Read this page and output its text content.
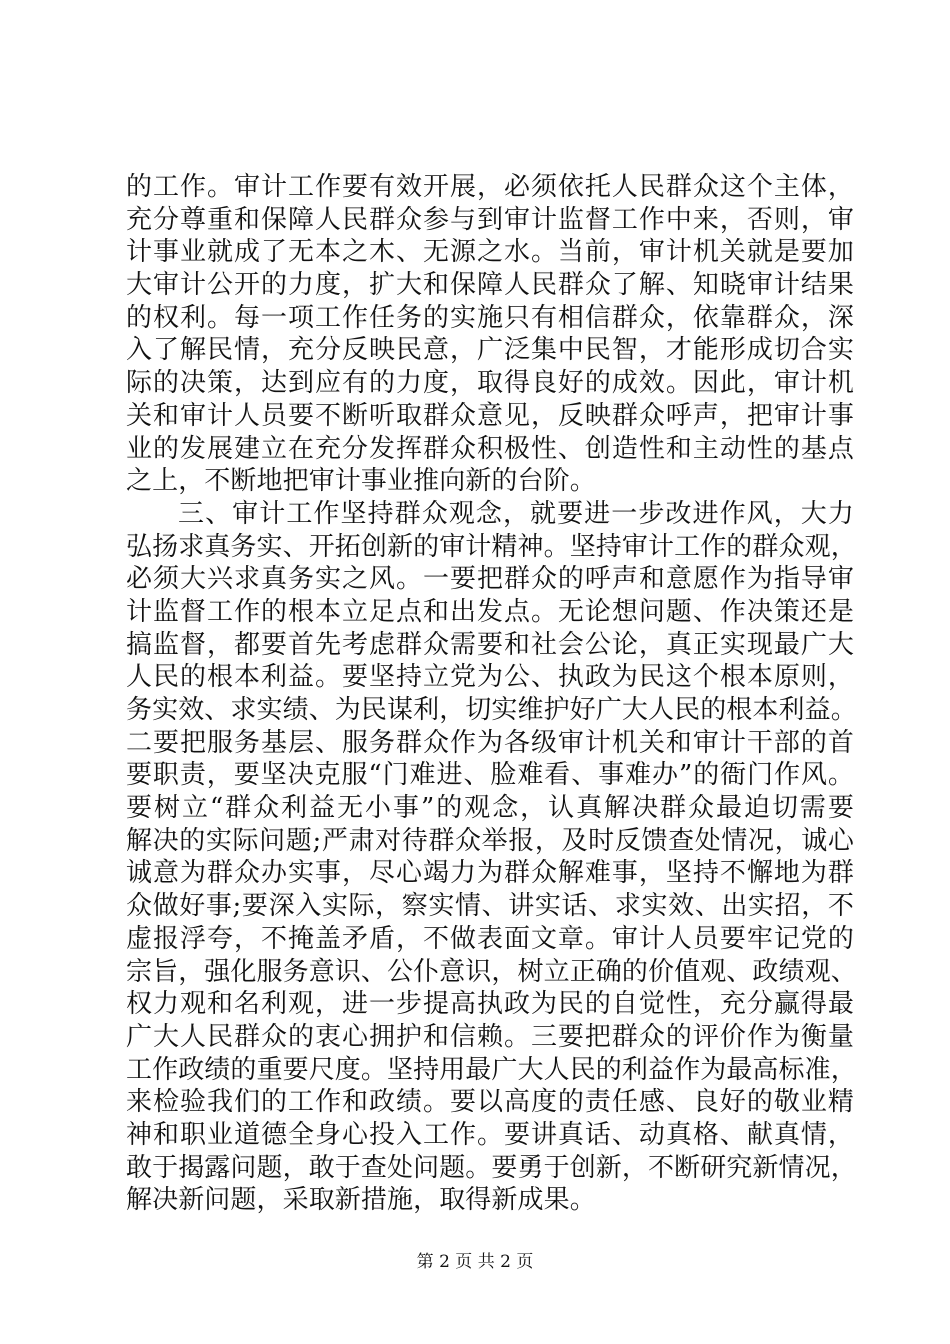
的工作。审计工作要有效开展，必须依托人民群众这个主体，
充分尊重和保障人民群众参与到审计监督工作中来，否则，审
计事业就成了无本之木、无源之水。当前，审计机关就是要加
大审计公开的力度，扩大和保障人民群众了解、知晓审计结果
的权利。每一项工作任务的实施只有相信群众，依靠群众，深
入了解民情，充分反映民意，广泛集中民智，才能形成切合实
际的决策，达到应有的力度，取得良好的成效。因此，审计机
关和审计人员要不断听取群众意见，反映群众呼声，把审计事
业的发展建立在充分发挥群众积极性、创造性和主动性的基点
之上，不断地把审计事业推向新的台阶。
三、审计工作坚持群众观念，就要进一步改进作风，大力
弘扬求真务实、开拓创新的审计精神。坚持审计工作的群众观，
必须大兴求真务实之风。一要把群众的呼声和意愿作为指导审
计监督工作的根本立足点和出发点。无论想问题、作决策还是
搞监督，都要首先考虑群众需要和社会公论，真正实现最广大
人民的根本利益。要坚持立党为公、执政为民这个根本原则，
务实效、求实绩、为民谋利，切实维护好广大人民的根本利益。
二要把服务基层、服务群众作为各级审计机关和审计干部的首
要职责，要坚决克服“门难进、脸难看、事难办”的衙门作风。
要树立“群众利益无小事”的观念，认真解决群众最迫切需要
解决的实际问题;严肃对待群众举报，及时反馈查处情况，诚心
诚意为群众办实事，尽心竭力为群众解难事，坚持不懈地为群
众做好事;要深入实际，察实情、讲实话、求实效、出实招，不
虚报浮夸，不掩盖矛盾，不做表面文章。审计人员要牢记党的
宗旨，强化服务意识、公仆意识，树立正确的价值观、政绩观、
权力观和名利观，进一步提高执政为民的自觉性，充分赢得最
广大人民群众的衷心拥护和信赖。三要把群众的评价作为衡量
工作政绩的重要尺度。坚持用最广大人民的利益作为最高标准，
来检验我们的工作和政绩。要以高度的责任感、良好的敬业精
神和职业道德全身心投入工作。要讲真话、动真格、献真情，
敢于揭露问题，敢于查处问题。要勇于创新，不断研究新情况，
解决新问题，采取新措施，取得新成果。
第 2 页 共 2 页
